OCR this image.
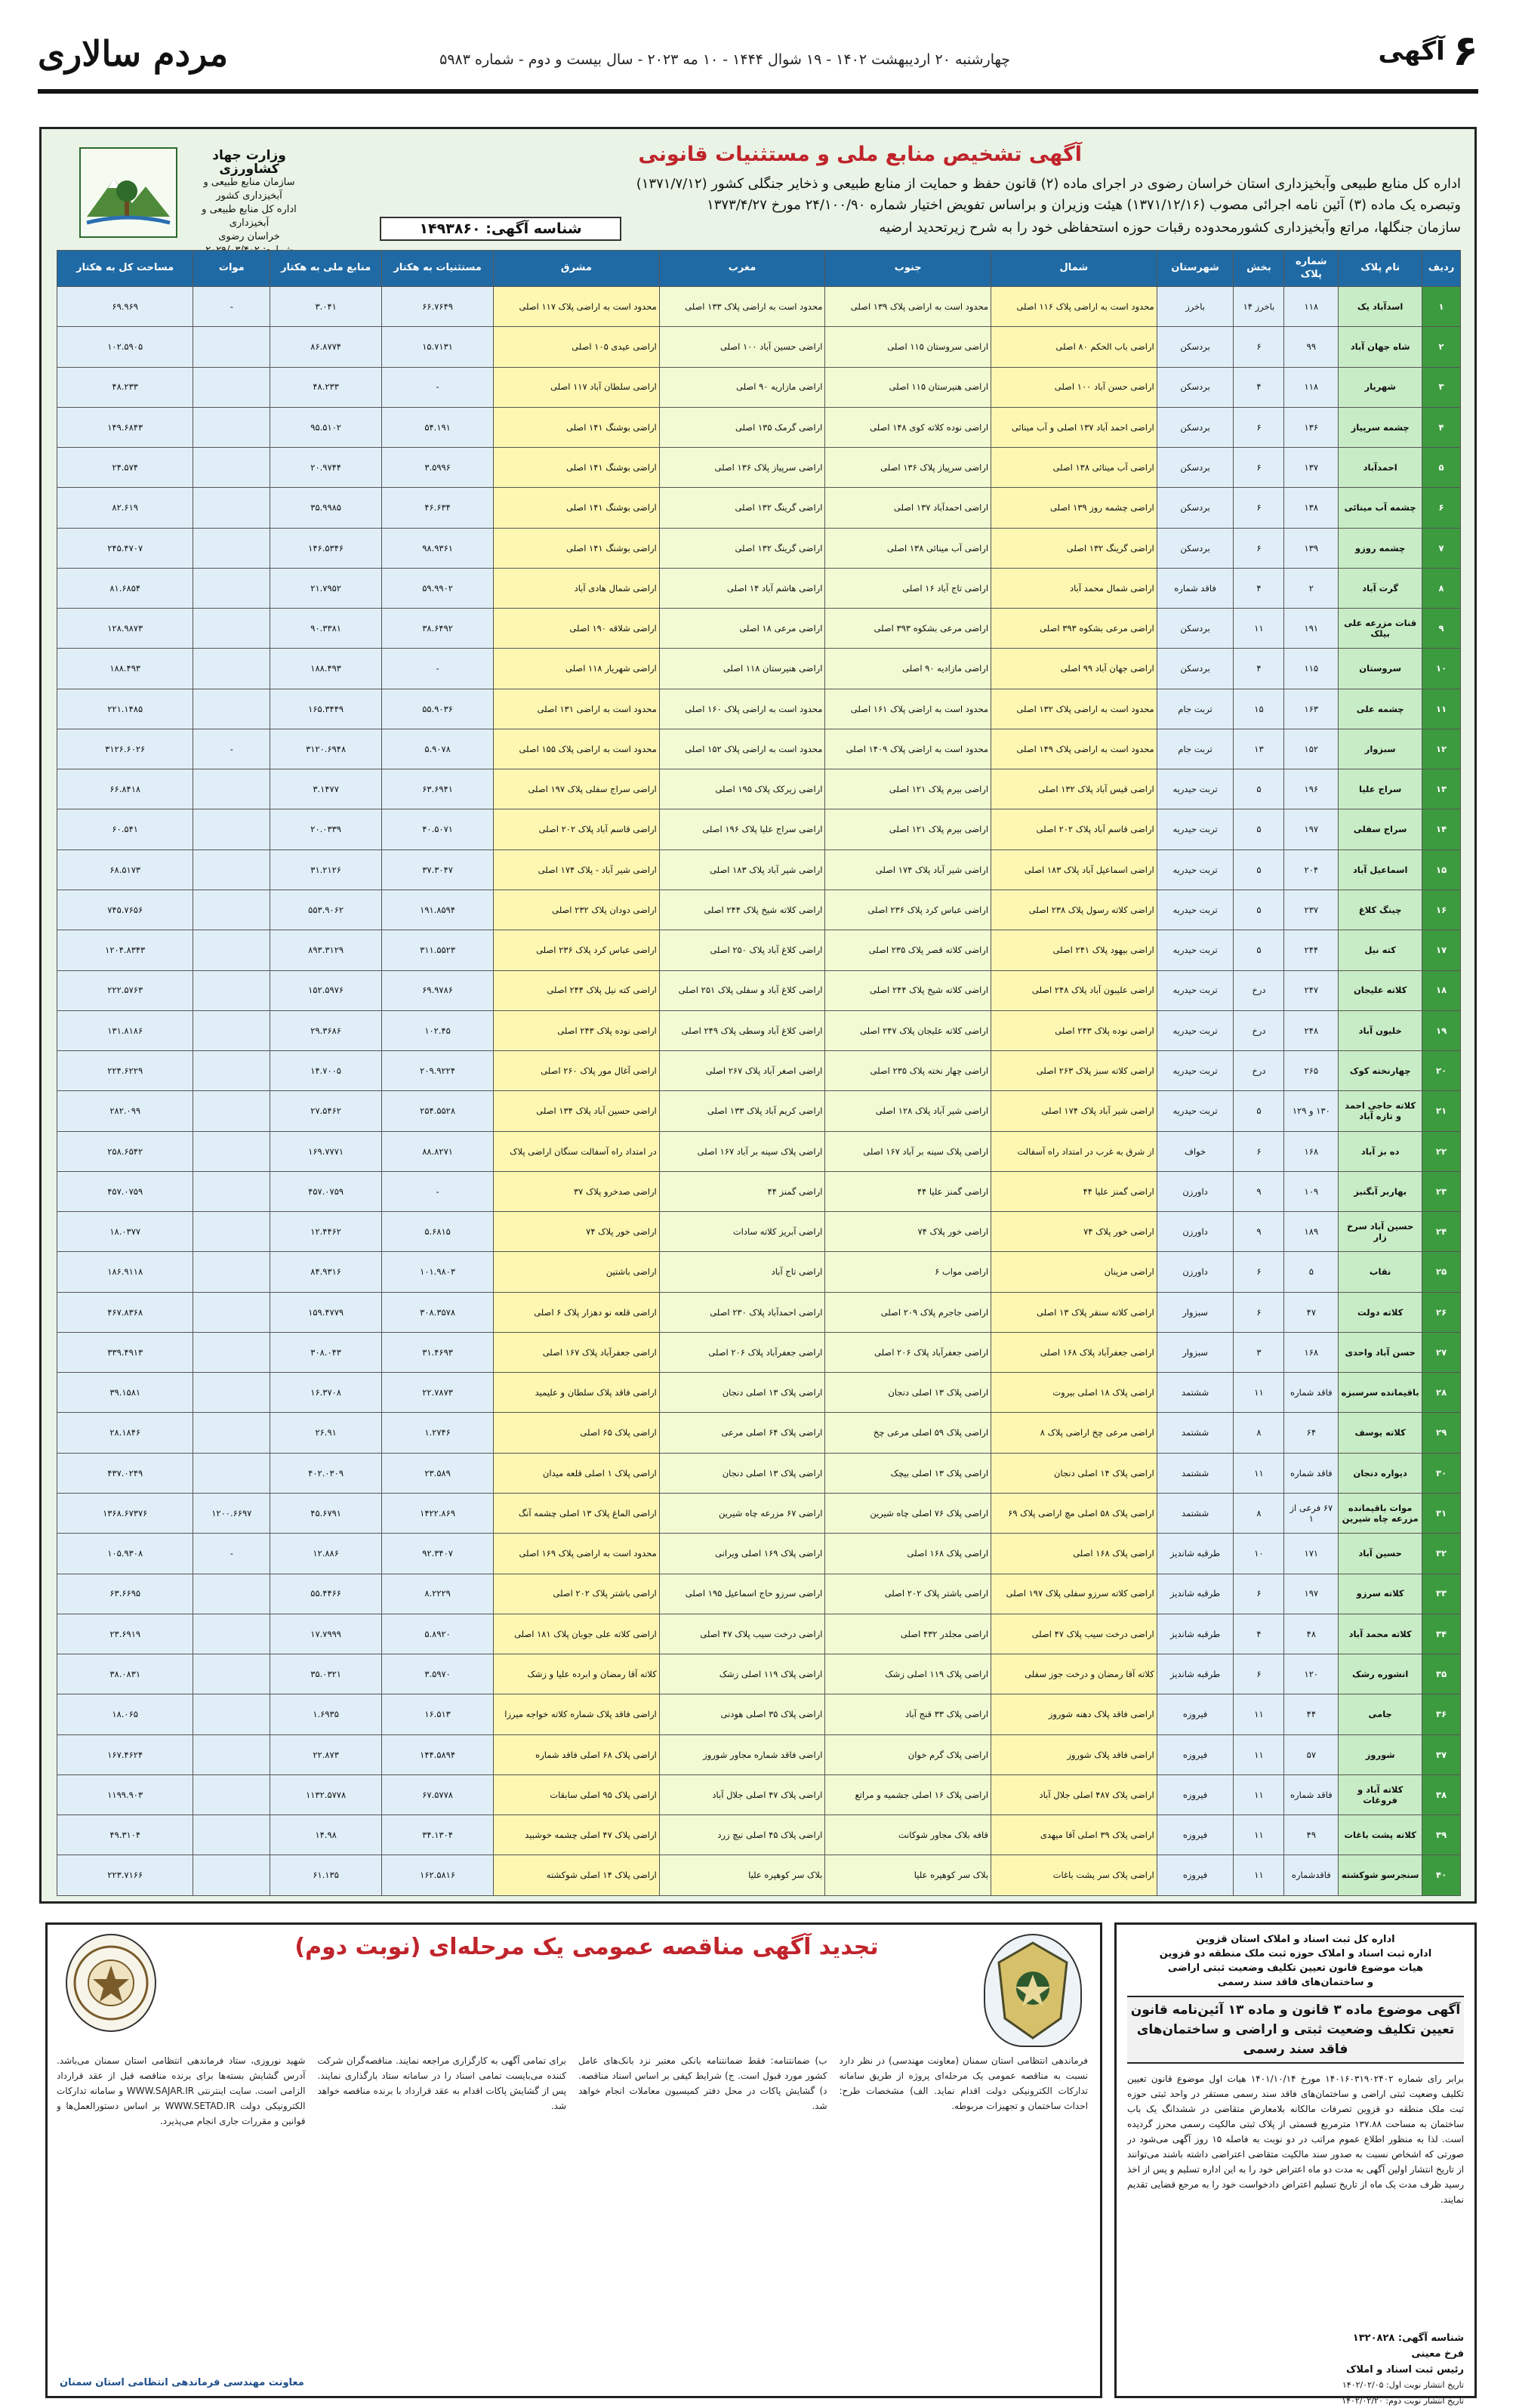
۶
آگهی
چهارشنبه ۲۰ اردیبهشت ۱۴۰۲ - ۱۹ شوال ۱۴۴۴ - ۱۰ مه ۲۰۲۳ - سال بیست و دوم - شماره ۵۹۸۳
مردم سالاری
آگهی تشخیص منابع ملی و مستثنیات قانونی
اداره کل منابع طبیعی وآبخیزداری استان خراسان رضوی در اجرای ماده (۲) قانون حفظ و حمایت از منابع طبیعی و ذخایر جنگلی کشور (۱۳۷۱/۷/۱۲)
وتبصره یک ماده (۳) آئین نامه اجرائی مصوب (۱۳۷۱/۱۲/۱۶) هیئت وزیران و براساس تفویض اختیار شماره ۲۴/۱۰۰/۹۰ مورخ ۱۳۷۳/۴/۲۷
سازمان جنگلها، مراتع وآبخیزداری کشورمحدوده رقبات حوزه استحفاظی خود را به شرح زیرتحدید ارضیه
شناسه آگهی: ۱۴۹۳۸۶۰
وزارت جهاد کشاورزی
سازمان منابع طبیعی و آبخیزداری کشور
اداره کل منابع طبیعی و آبخیزداری
خراسان رضوی

ردیف	نام پلاک	شماره پلاک	بخش	شهرستان	شمال	جنوب	مغرب	مشرق	مستثنیات به هکتار	منابع ملی به هکتار	موات	مساحت کل به هکتار
۱	اسدآباد یک	۱۱۸	باخرز ۱۴	باخرز	محدود است به اراضی پلاک ۱۱۶ اصلی	محدود است به اراضی پلاک ۱۳۹ اصلی	محدود است به اراضی پلاک ۱۳۳ اصلی	محدود است به اراضی پلاک ۱۱۷ اصلی	۶۶.۷۶۴۹	۳.۰۴۱	-	۶۹.۹۶۹
۲	شاه جهان آباد	۹۹	۶	بردسکن	اراضی باب الحکم ۸۰ اصلی	اراضی سروستان ۱۱۵ اصلی	اراضی حسین آباد ۱۰۰ اصلی	اراضی عیدی ۱۰۵ اصلی	۱۵.۷۱۳۱	۸۶.۸۷۷۴		۱۰۲.۵۹۰۵
۳	شهریار	۱۱۸	۴	بردسکن	اراضی حسن آباد ۱۰۰ اصلی	اراضی هنیرستان ۱۱۵ اصلی	اراضی مازاریه ۹۰ اصلی	اراضی سلطان آباد ۱۱۷ اصلی	-	۴۸.۲۳۳		۴۸.۲۳۳
۴	چشمه سرپیاز	۱۳۶	۶	بردسکن	اراضی احمد آباد ۱۳۷ اصلی و آب مینائی	اراضی نوده کلاته کوی ۱۴۸ اصلی	اراضی گرمک ۱۳۵ اصلی	اراضی بوشنگ ۱۴۱ اصلی	۵۴.۱۹۱	۹۵.۵۱۰۲		۱۴۹.۶۸۴۳
۵	احمدآباد	۱۳۷	۶	بردسکن	اراضی آب مینائی ۱۳۸ اصلی	اراضی سرپیاز پلاک ۱۳۶ اصلی	اراضی سرپیاز پلاک ۱۳۶ اصلی	اراضی بوشنگ ۱۴۱ اصلی	۳.۵۹۹۶	۲۰.۹۷۴۴		۲۴.۵۷۴
۶	چشمه آب مینائی	۱۳۸	۶	بردسکن	اراضی چشمه روز ۱۳۹ اصلی	اراضی احمدآباد ۱۳۷ اصلی	اراضی گرینگ ۱۳۲ اصلی	اراضی بوشنگ ۱۴۱ اصلی	۴۶.۶۳۴	۳۵.۹۹۸۵		۸۲.۶۱۹
۷	چشمه روزو	۱۳۹	۶	بردسکن	اراضی گرینگ ۱۳۲ اصلی	اراضی آب مینائی ۱۳۸ اصلی	اراضی گرینگ ۱۳۲ اصلی	اراضی بوشنگ ۱۴۱ اصلی	۹۸.۹۳۶۱	۱۴۶.۵۳۴۶		۲۴۵.۴۷۰۷
۸	گرت آباد	۲	۴	فاقد شماره	اراضی شمال محمد آباد	اراضی تاج آباد ۱۶ اصلی	اراضی هاشم آباد ۱۴ اصلی	اراضی شمال هادی آباد	۵۹.۹۹۰۲	۲۱.۷۹۵۲		۸۱.۶۸۵۴
۹	قنات مزرعه علی بیلک	۱۹۱	۱۱	بردسکن	اراضی مرعی بشکوه ۳۹۳ اصلی	اراضی مرعی بشکوه ۳۹۳ اصلی	اراضی مرعی ۱۸ اصلی	اراضی شلاقه ۱۹۰ اصلی	۳۸.۶۴۹۲	۹۰.۳۳۸۱		۱۲۸.۹۸۷۳
۱۰	سروستان	۱۱۵	۴	بردسکن	اراضی جهان آباد ۹۹ اصلی	اراضی مازادیه ۹۰ اصلی	اراضی هنیرستان ۱۱۸ اصلی	اراضی شهریار ۱۱۸ اصلی	-	۱۸۸.۴۹۳		۱۸۸.۴۹۳
۱۱	چشمه علی	۱۶۳	۱۵	تربت جام	محدود است به اراضی پلاک ۱۳۲ اصلی	محدود است به اراضی پلاک ۱۶۱ اصلی	محدود است به اراضی پلاک ۱۶۰ اصلی	محدود است به اراضی ۱۳۱ اصلی	۵۵.۹۰۳۶	۱۶۵.۳۴۴۹		۲۲۱.۱۴۸۵
۱۲	سبزوار	۱۵۲	۱۳	تربت جام	محدود است به اراضی پلاک ۱۴۹ اصلی	محدود است به اراضی پلاک ۱۴۰۹ اصلی	محدود است به اراضی پلاک ۱۵۲ اصلی	محدود است به اراضی پلاک ۱۵۵ اصلی	۵.۹۰۷۸	۳۱۲۰.۶۹۴۸	-	۳۱۲۶.۶۰۲۶
۱۳	سراج علیا	۱۹۶	۵	تربت حیدریه	اراضی قیس آباد پلاک ۱۳۲ اصلی	اراضی بیرم پلاک ۱۲۱ اصلی	اراضی زیرکک پلاک ۱۹۵ اصلی	اراضی سراج سفلی پلاک ۱۹۷ اصلی	۶۳.۶۹۴۱	۳.۱۴۷۷		۶۶.۸۴۱۸
۱۴	سراج سفلی	۱۹۷	۵	تربت حیدریه	اراضی قاسم آباد پلاک ۲۰۲ اصلی	اراضی بیرم پلاک ۱۲۱ اصلی	اراضی سراج علیا پلاک ۱۹۶ اصلی	اراضی قاسم آباد پلاک ۲۰۲ اصلی	۴۰.۵۰۷۱	۲۰.۰۳۳۹		۶۰.۵۴۱
۱۵	اسماعیل آباد	۲۰۴	۵	تربت حیدریه	اراضی اسماعیل آباد پلاک ۱۸۳ اصلی	اراضی شیر آباد پلاک ۱۷۴ اصلی	اراضی شیر آباد پلاک ۱۸۳ اصلی	اراضی شیر آباد - پلاک ۱۷۴ اصلی	۳۷.۳۰۴۷	۳۱.۲۱۲۶		۶۸.۵۱۷۳
۱۶	چینگ کلاغ	۲۳۷	۵	تربت حیدریه	اراضی کلاته رسول پلاک ۲۳۸ اصلی	اراضی عباس کرد پلاک ۲۳۶ اصلی	اراضی کلاته شیخ پلاک ۲۴۴ اصلی	اراضی دودان پلاک ۲۳۲ اصلی	۱۹۱.۸۵۹۴	۵۵۳.۹۰۶۲		۷۴۵.۷۶۵۶
۱۷	کته نیل	۲۴۴	۵	تربت حیدریه	اراضی بیهود پلاک ۲۴۱ اصلی	اراضی کلاته قصر پلاک ۲۳۵ اصلی	اراضی کلاغ آباد پلاک ۲۵۰ اصلی	اراضی عباس کرد پلاک ۲۳۶ اصلی	۳۱۱.۵۵۲۳	۸۹۳.۳۱۲۹		۱۲۰۴.۸۳۴۳
۱۸	کلاته علیجان	۲۴۷	درخ	تربت حیدریه	اراضی علیبون آباد پلاک ۲۴۸ اصلی	اراضی کلاته شیخ پلاک ۲۴۴ اصلی	اراضی کلاغ آباد و سفلی پلاک ۲۵۱ اصلی	اراضی کته نیل پلاک ۲۴۴ اصلی	۶۹.۹۷۸۶	۱۵۲.۵۹۷۶		۲۲۲.۵۷۶۳
۱۹	خلیون آباد	۲۴۸	درخ	تربت حیدریه	اراضی نوده پلاک ۲۴۳ اصلی	اراضی کلاته علیجان پلاک ۲۴۷ اصلی	اراضی کلاغ آباد وسطی پلاک ۲۴۹ اصلی	اراضی نوده پلاک ۲۴۳ اصلی	۱۰۲.۴۵	۲۹.۳۶۸۶		۱۳۱.۸۱۸۶
۲۰	چهارنخته کوک	۲۶۵	درخ	تربت حیدریه	اراضی کلاته سبز پلاک ۲۶۳ اصلی	اراضی چهار نخته پلاک ۲۳۵ اصلی	اراضی اصغر آباد پلاک ۲۶۷ اصلی	اراضی آغال مور پلاک ۲۶۰ اصلی	۲۰۹.۹۲۲۴	۱۴.۷۰۰۵		۲۲۴.۶۲۲۹
۲۱	کلاته حاجی احمد و تازه آباد	۱۳۰ و ۱۲۹	۵	تربت حیدریه	اراضی شیر آباد پلاک ۱۷۴ اصلی	اراضی شیر آباد پلاک ۱۲۸ اصلی	اراضی کریم آباد پلاک ۱۳۳ اصلی	اراضی حسین آباد پلاک ۱۳۴ اصلی	۲۵۴.۵۵۲۸	۲۷.۵۴۶۲		۲۸۲.۰۹۹
۲۲	ده بز آباد	۱۶۸	۶	خواف	از شرق به غرب در امتداد راه آسفالت	اراضی پلاک سینه بر آباد ۱۶۷ اصلی	اراضی پلاک سینه بر آباد ۱۶۷ اصلی	در امتداد راه آسفالت سنگان اراضی پلاک	۸۸.۸۲۷۱	۱۶۹.۷۷۷۱		۲۵۸.۶۵۴۲
۲۳	بهاربر آبگنبز	۱۰۹	۹	داورزن	اراضی گمنز علیا ۴۴	اراضی گمنز علیا ۴۴	اراضی گمنز ۴۴	اراضی صدخرو پلاک ۳۷	-	۴۵۷.۰۷۵۹		۴۵۷.۰۷۵۹
۲۴	حسین آباد سرخ زار	۱۸۹	۹	داورزن	اراضی خور پلاک ۷۴	اراضی خور پلاک ۷۴	اراضی آبریز کلاته سادات	اراضی خور پلاک ۷۴	۵.۶۸۱۵	۱۲.۴۴۶۲		۱۸.۰۳۷۷
۲۵	نقاب	۵	۶	داورزن	اراضی مزینان	اراضی مواب ۶	اراضی تاج آباد	اراضی باشتین	۱۰۱.۹۸۰۳	۸۴.۹۳۱۶		۱۸۶.۹۱۱۸
۲۶	کلاته دولت	۴۷	۶	سبزوار	اراضی کلاته سنقر پلاک ۱۳ اصلی	اراضی جاجرم پلاک ۲۰۹ اصلی	اراضی احمدآباد پلاک ۲۳۰ اصلی	اراضی قلعه نو دهزار پلاک ۶ اصلی	۳۰۸.۳۵۷۸	۱۵۹.۴۷۷۹		۴۶۷.۸۳۶۸
۲۷	حسن آباد واحدی	۱۶۸	۳	سبزوار	اراضی جعفرآباد پلاک ۱۶۸ اصلی	اراضی جعفرآباد پلاک ۲۰۶ اصلی	اراضی جعفرآباد پلاک ۲۰۶ اصلی	اراضی جعفرآباد پلاک ۱۶۷ اصلی	۳۱.۴۶۹۳	۳۰۸.۰۴۳		۳۳۹.۴۹۱۳
۲۸	باقیمانده سرسبزه	فاقد شماره	۱۱	ششتمد	اراضی پلاک ۱۸ اصلی بیروت	اراضی پلاک ۱۳ اصلی دنجان	اراضی پلاک ۱۳ اصلی دنجان	اراضی فاقد پلاک سلطان و علیمید	۲۲.۷۸۷۳	۱۶.۳۷۰۸		۳۹.۱۵۸۱
۲۹	کلاته یوسف	۶۴	۸	ششتمد	اراضی مرعی چخ اراضی پلاک ۸	اراضی پلاک ۵۹ اصلی مرعی چخ	اراضی پلاک ۶۴ اصلی مرعی	اراضی پلاک ۶۵ اصلی	۱.۲۷۴۶	۲۶.۹۱		۲۸.۱۸۴۶
۳۰	دیواره دنجان	فاقد شماره	۱۱	ششتمد	اراضی پلاک ۱۴ اصلی دنجان	اراضی پلاک ۱۳ اصلی بیچک	اراضی پلاک ۱۳ اصلی دنجان	اراضی پلاک ۱ اصلی قلعه میدان	۲۳.۵۸۹	۴۰۲.۰۳۰۹		۴۳۷.۰۲۴۹
۳۱	موات باقیمانده مزرعه چاه شیرین	۶۷ فرعی از ۱	۸	ششتمد	اراضی پلاک ۵۸ اصلی مچ اراضی پلاک ۶۹	اراضی پلاک ۷۶ اصلی چاه شیرین	اراضی ۶۷ مزرعه چاه شیرین	اراضی الماغ پلاک ۱۳ اصلی چشمه آنگ	۱۴۲۲.۸۶۹	۴۵.۶۷۹۱	۱۲۰۰.۶۶۹۷	۱۳۶۸.۶۷۳۷۶
۳۲	حسین آباد	۱۷۱	۱۰	طرقبه شاندیز	اراضی پلاک ۱۶۸ اصلی	اراضی پلاک ۱۶۸ اصلی	اراضی پلاک ۱۶۹ اصلی ویرانی	محدود است به اراضی پلاک ۱۶۹ اصلی	۹۲.۳۴۰۷	۱۲.۸۸۶	-	۱۰۵.۹۳۰۸
۳۳	کلاته سرزو	۱۹۷	۶	طرقبه شاندیز	اراضی کلاته سرزو سفلی پلاک ۱۹۷ اصلی	اراضی باشتر پلاک ۲۰۲ اصلی	اراضی سرزو حاج اسماعیل ۱۹۵ اصلی	اراضی باشتر پلاک ۲۰۲ اصلی	۸.۲۲۲۹	۵۵.۴۴۶۶		۶۳.۶۶۹۵
۳۴	کلاته محمد آباد	۴۸	۴	طرقبه شاندیز	اراضی درخت سیب پلاک ۴۷ اصلی	اراضی مجلدر ۴۳۲ اصلی	اراضی درخت سیب پلاک ۴۷ اصلی	اراضی کلاته علی جوبان پلاک ۱۸۱ اصلی	۵.۸۹۲۰	۱۷.۷۹۹۹		۲۳.۶۹۱۹
۳۵	انشوره رشک	۱۲۰	۶	طرقبه شاندیز	کلاته آقا رمضان و درخت جوز سفلی	اراضی پلاک ۱۱۹ اصلی زشک	اراضی پلاک ۱۱۹ اصلی زشک	کلاته آقا رمضان و ابرده علیا و زشک	۳.۵۹۷۰	۳۵.۰۳۲۱		۳۸.۰۸۳۱
۳۶	جامی	۴۴	۱۱	فیروزه	اراضی فاقد پلاک دهنه شوروز	اراضی پلاک ۳۳ قنج آباد	اراضی پلاک ۳۵ اصلی هودنی	اراضی فاقد پلاک شماره کلاته خواجه میرزا	۱۶.۵۱۳	۱.۶۹۳۵		۱۸.۰۶۵
۳۷	شوروز	۵۷	۱۱	فیروزه	اراضی فاقد پلاک شوروز	اراضی پلاک گرم خوان	اراضی فاقد شماره مجاور شوروز	اراضی پلاک ۶۸ اصلی فاقد شماره	۱۴۴.۵۸۹۴	۲۲.۸۷۳		۱۶۷.۴۶۲۴
۳۸	کلاته آباد و فروغات	فاقد شماره	۱۱	فیروزه	اراضی پلاک ۴۸۷ اصلی جلال آباد	اراضی پلاک ۱۶ اصلی جشمیه و مراتع	اراضی پلاک ۴۷ اصلی جلال آباد	اراضی پلاک ۹۵ اصلی سابقات	۶۷.۵۷۷۸	۱۱۳۲.۵۷۷۸		۱۱۹۹.۹۰۳
۳۹	کلاته پشت باغات	۴۹	۱۱	فیروزه	اراضی پلاک ۳۹ اصلی آقا میهدی	قافه بلاک مجاور شوکانت	اراضی پلاک ۴۵ اصلی نیچ زرد	اراضی پلاک ۴۷ اصلی چشمه خوشبید	۳۴.۱۳۰۴	۱۴.۹۸		۴۹.۳۱۰۴
۴۰	سنجرسو شوکشته	فاقدشماره	۱۱	فیروزه	اراضی پلاک سر پشت باغات	بلاک سر کوهپره علیا	بلاک سر کوهپره علیا	اراضی پلاک ۱۴ اصلی شوکشته	۱۶۲.۵۸۱۶	۶۱.۱۳۵		۲۲۳.۷۱۶۶
تجدید آگهی مناقصه عمومی یک مرحله‌ای (نوبت دوم)
فرماندهی انتظامی استان سمنان (معاونت مهندسی) در نظر دارد نسبت به مناقصه عمومی یک مرحله‌ای پروژه از طریق سامانه تدارکات الکترونیکی دولت اقدام نماید. الف) مشخصات طرح: احداث ساختمان و تجهیزات مربوطه.
ب) ضمانتنامه: فقط ضمانتنامه بانکی معتبر نزد بانک‌های عامل کشور مورد قبول است. ج) شرایط کیفی بر اساس اسناد مناقصه. د) گشایش پاکات در محل دفتر کمیسیون معاملات انجام خواهد شد.
برای تمامی آگهی به کارگزاری مراجعه نمایند. مناقصه‌گران شرکت کننده می‌بایست تمامی اسناد را در سامانه ستاد بارگذاری نمایند. پس از گشایش پاکات اقدام به عقد قرارداد با برنده مناقصه خواهد شد.
شهید نوروزی، ستاد فرماندهی انتظامی استان سمنان می‌باشد. آدرس گشایش بسته‌ها برای برنده مناقصه قبل از عقد قرارداد الزامی است. سایت اینترنتی WWW.SAJAR.IR و سامانه تدارکات الکترونیکی دولت WWW.SETAD.IR بر اساس دستورالعمل‌ها و قوانین و مقررات جاری انجام می‌پذیرد.
معاونت مهندسی فرماندهی انتظامی استان سمنان
اداره کل ثبت اسناد و املاک استان قزوین
اداره ثبت اسناد و املاک حوزه ثبت ملک منطقه دو قزوین
هیات موضوع قانون تعیین تکلیف وضعیت ثبتی اراضی
و ساختمان‌های فاقد سند رسمی
آگهی موضوع ماده ۳ قانون و ماده ۱۳ آئین‌نامه قانون تعیین تکلیف وضعیت ثبتی و اراضی و ساختمان‌های فاقد سند رسمی
برابر رای شماره ۱۴۰۱۶۰۳۱۹۰۲۴۰۲ مورخ ۱۴۰۱/۱۰/۱۴ هیات اول موضوع قانون تعیین تکلیف وضعیت ثبتی اراضی و ساختمان‌های فاقد سند رسمی مستقر در واحد ثبتی حوزه ثبت ملک منطقه دو قزوین تصرفات مالکانه بلامعارض متقاضی در ششدانگ یک باب ساختمان به مساحت ۱۳۷.۸۸ مترمربع قسمتی از پلاک ثبتی مالکیت رسمی محرز گردیده است. لذا به منظور اطلاع عموم مراتب در دو نوبت به فاصله ۱۵ روز آگهی می‌شود در صورتی که اشخاص نسبت به صدور سند مالکیت متقاضی اعتراضی داشته باشند می‌توانند از تاریخ انتشار اولین آگهی به مدت دو ماه اعتراض خود را به این اداره تسلیم و پس از اخذ رسید ظرف مدت یک ماه از تاریخ تسلیم اعتراض دادخواست خود را به مرجع قضایی تقدیم نمایند.
شناسه آگهی: ۱۳۲۰۸۲۸
فرخ معینی
رئیس ثبت اسناد و املاک
تاریخ انتشار نوبت اول: ۱۴۰۲/۰۲/۰۵
تاریخ انتشار نوبت دوم: ۱۴۰۲/۰۲/۲۰
